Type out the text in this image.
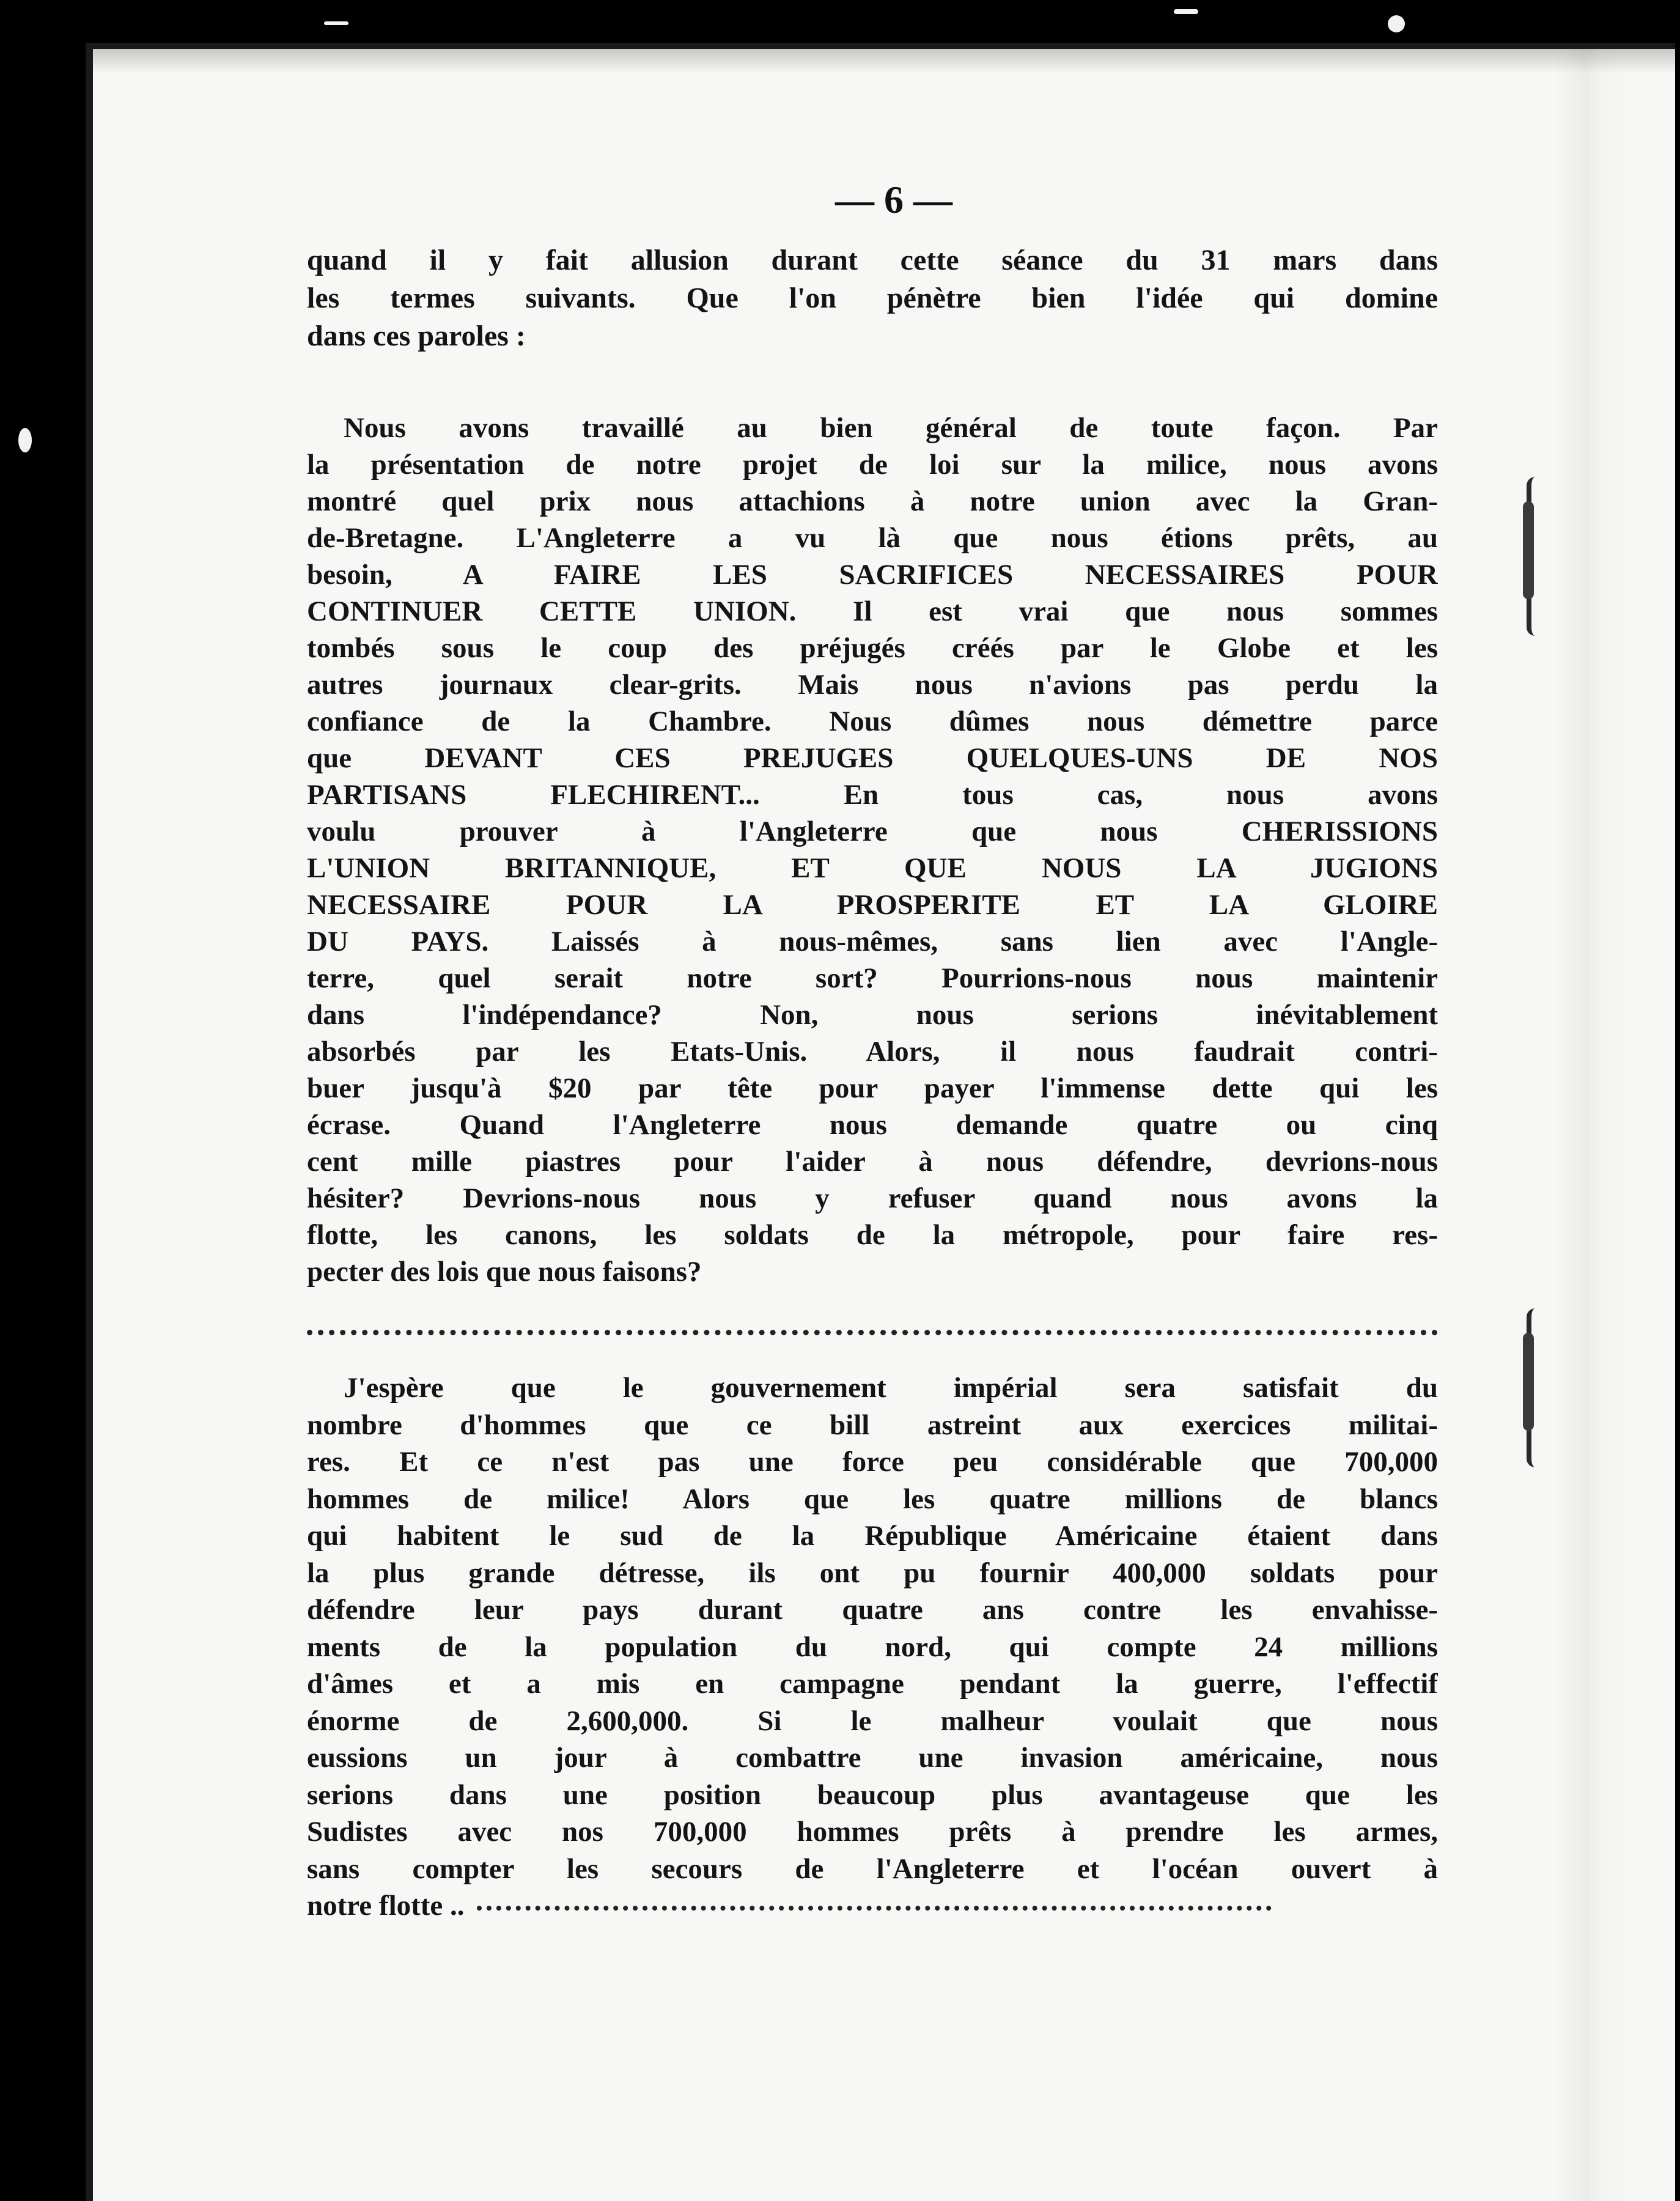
— 6 —
quand il y fait allusion durant cette séance du 31 mars dans
les termes suivants. Que l'on pénètre bien l'idée qui domine
dans ces paroles :
Nous avons travaillé au bien général de toute façon. Par
la présentation de notre projet de loi sur la milice, nous avons
montré quel prix nous attachions à notre union avec la Gran-
de-Bretagne. L'Angleterre a vu là que nous étions prêts, au
besoin, A FAIRE LES SACRIFICES NECESSAIRES POUR
CONTINUER CETTE UNION. Il est vrai que nous sommes
tombés sous le coup des préjugés créés par le Globe et les
autres journaux clear-grits. Mais nous n'avions pas perdu la
confiance de la Chambre. Nous dûmes nous démettre parce
que DEVANT CES PREJUGES QUELQUES-UNS DE NOS
PARTISANS FLECHIRENT... En tous cas, nous avons
voulu prouver à l'Angleterre que nous CHERISSIONS
L'UNION BRITANNIQUE, ET QUE NOUS LA JUGIONS
NECESSAIRE POUR LA PROSPERITE ET LA GLOIRE
DU PAYS. Laissés à nous-mêmes, sans lien avec l'Angle-
terre, quel serait notre sort? Pourrions-nous nous maintenir
dans l'indépendance? Non, nous serions inévitablement
absorbés par les Etats-Unis. Alors, il nous faudrait contri-
buer jusqu'à $20 par tête pour payer l'immense dette qui les
écrase. Quand l'Angleterre nous demande quatre ou cinq
cent mille piastres pour l'aider à nous défendre, devrions-nous
hésiter? Devrions-nous nous y refuser quand nous avons la
flotte, les canons, les soldats de la métropole, pour faire res-
pecter des lois que nous faisons?
J'espère que le gouvernement impérial sera satisfait du
nombre d'hommes que ce bill astreint aux exercices militai-
res. Et ce n'est pas une force peu considérable que 700,000
hommes de milice! Alors que les quatre millions de blancs
qui habitent le sud de la République Américaine étaient dans
la plus grande détresse, ils ont pu fournir 400,000 soldats pour
défendre leur pays durant quatre ans contre les envahisse-
ments de la population du nord, qui compte 24 millions
d'âmes et a mis en campagne pendant la guerre, l'effectif
énorme de 2,600,000. Si le malheur voulait que nous
eussions un jour à combattre une invasion américaine, nous
serions dans une position beaucoup plus avantageuse que les
Sudistes avec nos 700,000 hommes prêts à prendre les armes,
sans compter les secours de l'Angleterre et l'océan ouvert à
notre flotte ..
